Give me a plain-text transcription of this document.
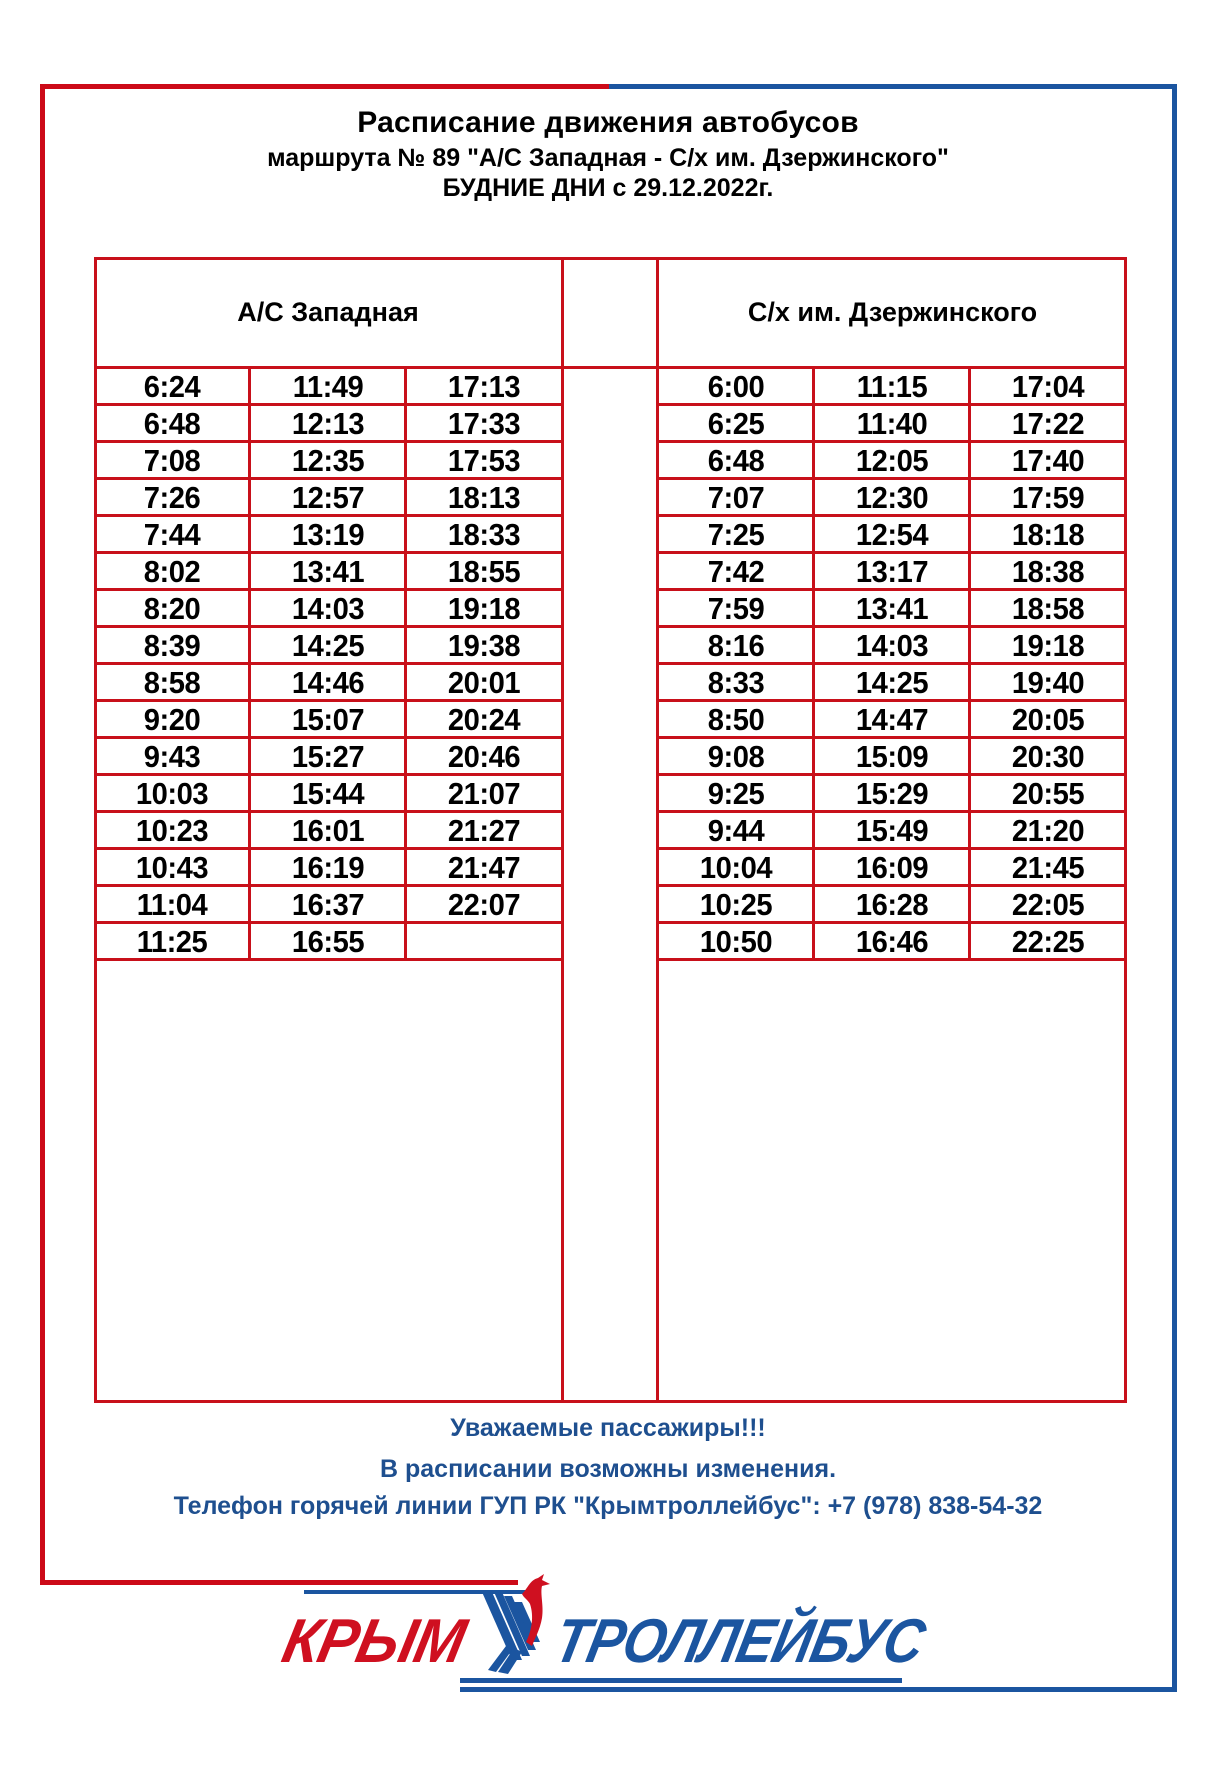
Расписание движения автобусов
маршрута № 89 "А/С Западная - С/х им. Дзержинского"
БУДНИЕ ДНИ с 29.12.2022г.
А/С Западная	С/х им. Дзержинского
6:24
6:48
7:08
7:26
7:44
8:02
8:20
8:39
8:58
9:20
9:43
10:03
10:23
10:43
11:04
11:25
11:49
12:13
12:35
12:57
13:19
13:41
14:03
14:25
14:46
15:07
15:27
15:44
16:01
16:19
16:37
16:55
17:13
17:33
17:53
18:13
18:33
18:55
19:18
19:38
20:01
20:24
20:46
21:07
21:27
21:47
22:07
6:00
6:25
6:48
7:07
7:25
7:42
7:59
8:16
8:33
8:50
9:08
9:25
9:44
10:04
10:25
10:50
11:15
11:40
12:05
12:30
12:54
13:17
13:41
14:03
14:25
14:47
15:09
15:29
15:49
16:09
16:28
16:46
17:04
17:22
17:40
17:59
18:18
18:38
18:58
19:18
19:40
20:05
20:30
20:55
21:20
21:45
22:05
22:25
Уважаемые пассажиры!!!
В расписании возможны изменения.
Телефон горячей линии ГУП РК "Крымтроллейбус": +7 (978) 838-54-32
КРЫМ ТРОЛЛЕЙБУС
